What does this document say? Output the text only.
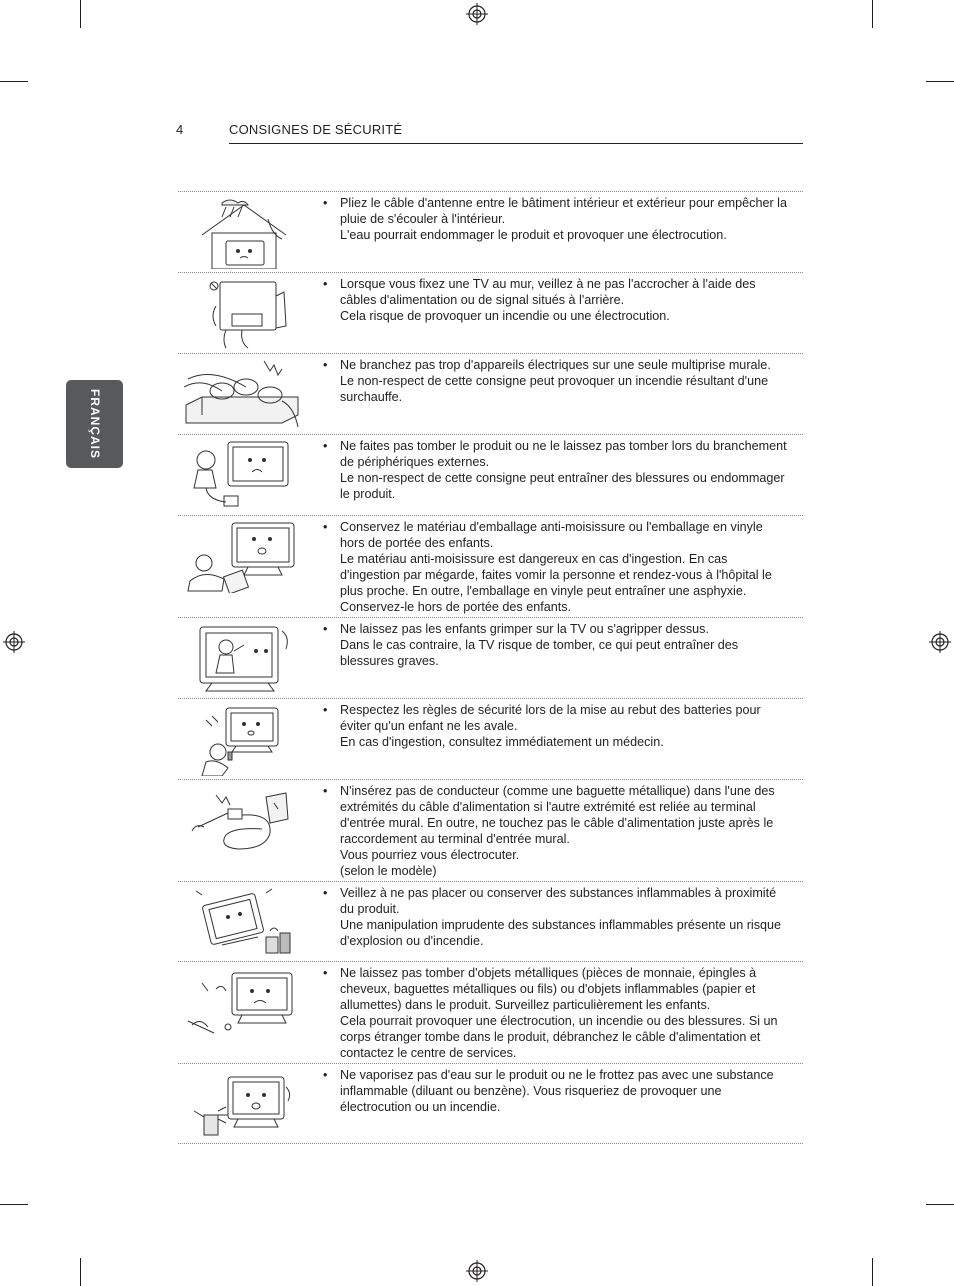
4	CONSIGNES DE SÉCURITÉ
FRANÇAIS
• Pliez le câble d'antenne entre le bâtiment intérieur et extérieur pour empêcher la pluie de s'écouler à l'intérieur.

L'eau pourrait endommager le produit et provoquer une électrocution.

• Lorsque vous fixez une TV au mur, veillez à ne pas l'accrocher à l'aide des câbles d'alimentation ou de signal situés à l'arrière.

Cela risque de provoquer un incendie ou une électrocution.

• Ne branchez pas trop d'appareils électriques sur une seule multiprise murale.

Le non-respect de cette consigne peut provoquer un incendie résultant d'une surchauffe.

• Ne faites pas tomber le produit ou ne le laissez pas tomber lors du branchement de périphériques externes.

Le non-respect de cette consigne peut entraîner des blessures ou endommager le produit.

• Conservez le matériau d'emballage anti-moisissure ou l'emballage en vinyle hors de portée des enfants.

Le matériau anti-moisissure est dangereux en cas d'ingestion. En cas d'ingestion par mégarde, faites vomir la personne et rendez-vous à l'hôpital le plus proche. En outre, l'emballage en vinyle peut entraîner une asphyxie. Conservez-le hors de portée des enfants.

• Ne laissez pas les enfants grimper sur la TV ou s'agripper dessus.

Dans le cas contraire, la TV risque de tomber, ce qui peut entraîner des blessures graves.

• Respectez les règles de sécurité lors de la mise au rebut des batteries pour éviter qu'un enfant ne les avale.

En cas d'ingestion, consultez immédiatement un médecin.

• N'insérez pas de conducteur (comme une baguette métallique) dans l'une des extrémités du câble d'alimentation si l'autre extrémité est reliée au terminal d'entrée mural. En outre, ne touchez pas le câble d'alimentation juste après le raccordement au terminal d'entrée mural.

Vous pourriez vous électrocuter.

(selon le modèle)

• Veillez à ne pas placer ou conserver des substances inflammables à proximité du produit.

Une manipulation imprudente des substances inflammables présente un risque d'explosion ou d'incendie.

• Ne laissez pas tomber d'objets métalliques (pièces de monnaie, épingles à cheveux, baguettes métalliques ou fils) ou d'objets inflammables (papier et allumettes) dans le produit. Surveillez particulièrement les enfants.

Cela pourrait provoquer une électrocution, un incendie ou des blessures. Si un corps étranger tombe dans le produit, débranchez le câble d'alimentation et contactez le centre de services.

• Ne vaporisez pas d'eau sur le produit ou ne le frottez pas avec une substance inflammable (diluant ou benzène). Vous risqueriez de provoquer une électrocution ou un incendie.
